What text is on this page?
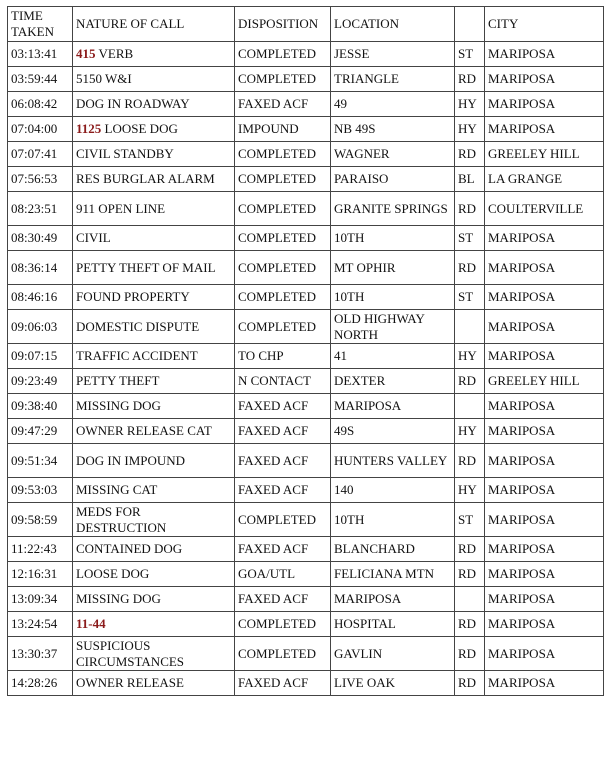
TIME TAKEN	NATURE OF CALL	DISPOSITION	LOCATION		CITY
03:13:41	415 VERB	COMPLETED	JESSE	ST	MARIPOSA
03:59:44	5150 W&I	COMPLETED	TRIANGLE	RD	MARIPOSA
06:08:42	DOG IN ROADWAY	FAXED ACF	49	HY	MARIPOSA
07:04:00	1125 LOOSE DOG	IMPOUND	NB 49S	HY	MARIPOSA
07:07:41	CIVIL STANDBY	COMPLETED	WAGNER	RD	GREELEY HILL
07:56:53	RES BURGLAR ALARM	COMPLETED	PARAISO	BL	LA GRANGE
08:23:51	911 OPEN LINE	COMPLETED	GRANITE SPRINGS	RD	COULTERVILLE
08:30:49	CIVIL	COMPLETED	10TH	ST	MARIPOSA
08:36:14	PETTY THEFT OF MAIL	COMPLETED	MT OPHIR	RD	MARIPOSA
08:46:16	FOUND PROPERTY	COMPLETED	10TH	ST	MARIPOSA
09:06:03	DOMESTIC DISPUTE	COMPLETED	OLD HIGHWAY NORTH		MARIPOSA
09:07:15	TRAFFIC ACCIDENT	TO CHP	41	HY	MARIPOSA
09:23:49	PETTY THEFT	N CONTACT	DEXTER	RD	GREELEY HILL
09:38:40	MISSING DOG	FAXED ACF	MARIPOSA		MARIPOSA
09:47:29	OWNER RELEASE CAT	FAXED ACF	49S	HY	MARIPOSA
09:51:34	DOG IN IMPOUND	FAXED ACF	HUNTERS VALLEY	RD	MARIPOSA
09:53:03	MISSING CAT	FAXED ACF	140	HY	MARIPOSA
09:58:59	MEDS FOR DESTRUCTION	COMPLETED	10TH	ST	MARIPOSA
11:22:43	CONTAINED DOG	FAXED ACF	BLANCHARD	RD	MARIPOSA
12:16:31	LOOSE DOG	GOA/UTL	FELICIANA MTN	RD	MARIPOSA
13:09:34	MISSING DOG	FAXED ACF	MARIPOSA		MARIPOSA
13:24:54	11-44	COMPLETED	HOSPITAL	RD	MARIPOSA
13:30:37	SUSPICIOUS CIRCUMSTANCES	COMPLETED	GAVLIN	RD	MARIPOSA
14:28:26	OWNER RELEASE	FAXED ACF	LIVE OAK	RD	MARIPOSA
